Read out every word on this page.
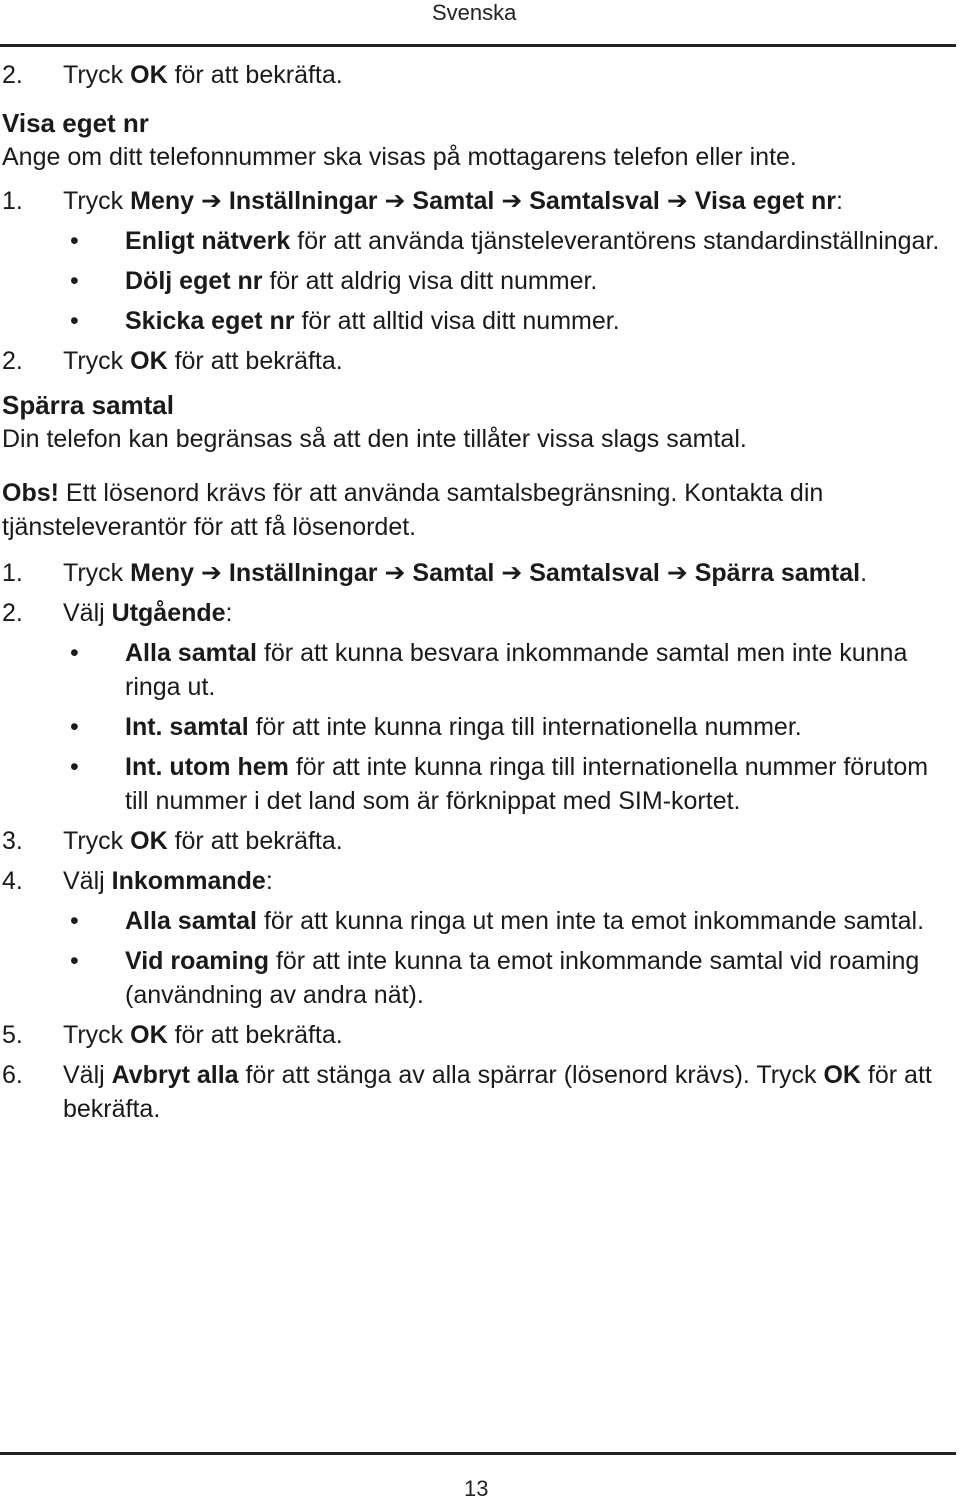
Svenska
2. Tryck OK för att bekräfta.
Visa eget nr
Ange om ditt telefonnummer ska visas på mottagarens telefon eller inte.
1. Tryck Meny ➔ Inställningar ➔ Samtal ➔ Samtalsval ➔ Visa eget nr:
• Enligt nätverk för att använda tjänsteleverantörens standardinställningar.
• Dölj eget nr för att aldrig visa ditt nummer.
• Skicka eget nr för att alltid visa ditt nummer.
2. Tryck OK för att bekräfta.
Spärra samtal
Din telefon kan begränsas så att den inte tillåter vissa slags samtal.
Obs! Ett lösenord krävs för att använda samtalsbegränsning. Kontakta din tjänsteleverantör för att få lösenordet.
1. Tryck Meny ➔ Inställningar ➔ Samtal ➔ Samtalsval ➔ Spärra samtal.
2. Välj Utgående:
• Alla samtal för att kunna besvara inkommande samtal men inte kunna ringa ut.
• Int. samtal för att inte kunna ringa till internationella nummer.
• Int. utom hem för att inte kunna ringa till internationella nummer förutom till nummer i det land som är förknippat med SIM-kortet.
3. Tryck OK för att bekräfta.
4. Välj Inkommande:
• Alla samtal för att kunna ringa ut men inte ta emot inkommande samtal.
• Vid roaming för att inte kunna ta emot inkommande samtal vid roaming (användning av andra nät).
5. Tryck OK för att bekräfta.
6. Välj Avbryt alla för att stänga av alla spärrar (lösenord krävs). Tryck OK för att bekräfta.
13
